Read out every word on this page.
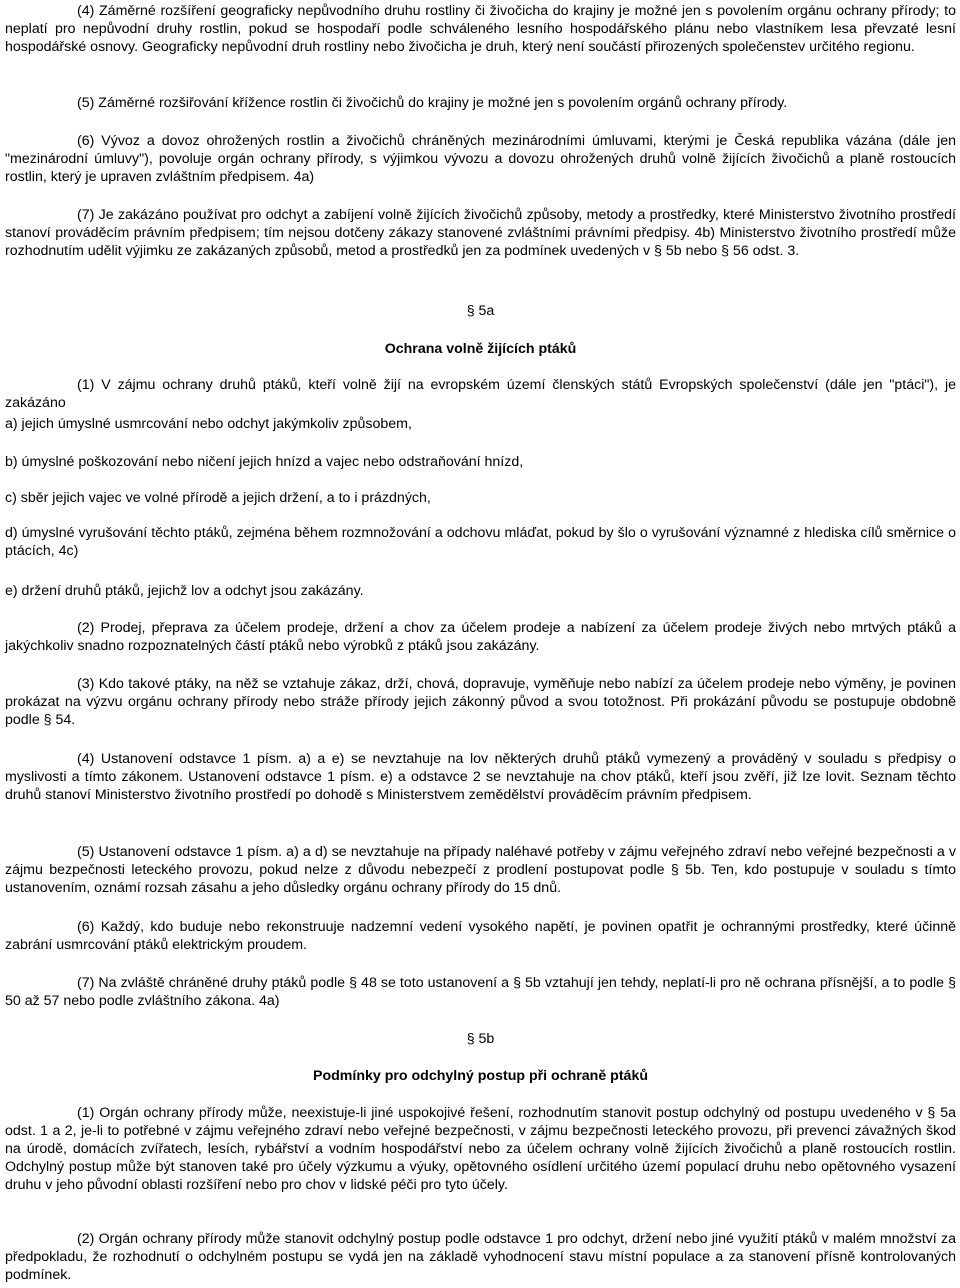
(4) Záměrné rozšíření geograficky nepůvodního druhu rostliny či živočicha do krajiny je možné jen s povolením orgánu ochrany přírody; to neplatí pro nepůvodní druhy rostlin, pokud se hospodaří podle schváleného lesního hospodářského plánu nebo vlastníkem lesa převzaté lesní hospodářské osnovy. Geograficky nepůvodní druh rostliny nebo živočicha je druh, který není součástí přirozených společenstev určitého regionu.

(5) Záměrné rozšiřování křížence rostlin či živočichů do krajiny je možné jen s povolením orgánů ochrany přírody.

(6) Vývoz a dovoz ohrožených rostlin a živočichů chráněných mezinárodními úmluvami, kterými je Česká republika vázána (dále jen "mezinárodní úmluvy"), povoluje orgán ochrany přírody, s výjimkou vývozu a dovozu ohrožených druhů volně žijících živočichů a planě rostoucích rostlin, který je upraven zvláštním předpisem. 4a)

(7) Je zakázáno používat pro odchyt a zabíjení volně žijících živočichů způsoby, metody a prostředky, které Ministerstvo životního prostředí stanoví prováděcím právním předpisem; tím nejsou dotčeny zákazy stanovené zvláštními právními předpisy. 4b) Ministerstvo životního prostředí může rozhodnutím udělit výjimku ze zakázaných způsobů, metod a prostředků jen za podmínek uvedených v § 5b nebo § 56 odst. 3.

§ 5a

Ochrana volně žijících ptáků

(1) V zájmu ochrany druhů ptáků, kteří volně žijí na evropském území členských států Evropských společenství (dále jen "ptáci"), je zakázáno

a) jejich úmyslné usmrcování nebo odchyt jakýmkoliv způsobem,

b) úmyslné poškozování nebo ničení jejich hnízd a vajec nebo odstraňování hnízd,

c) sběr jejich vajec ve volné přírodě a jejich držení, a to i prázdných,

d) úmyslné vyrušování těchto ptáků, zejména během rozmnožování a odchovu mláďat, pokud by šlo o vyrušování významné z hlediska cílů směrnice o ptácích, 4c)

e) držení druhů ptáků, jejichž lov a odchyt jsou zakázány.

(2) Prodej, přeprava za účelem prodeje, držení a chov za účelem prodeje a nabízení za účelem prodeje živých nebo mrtvých ptáků a jakýchkoliv snadno rozpoznatelných částí ptáků nebo výrobků z ptáků jsou zakázány.

(3) Kdo takové ptáky, na něž se vztahuje zákaz, drží, chová, dopravuje, vyměňuje nebo nabízí za účelem prodeje nebo výměny, je povinen prokázat na výzvu orgánu ochrany přírody nebo stráže přírody jejich zákonný původ a svou totožnost. Při prokázání původu se postupuje obdobně podle § 54.

(4) Ustanovení odstavce 1 písm. a) a e) se nevztahuje na lov některých druhů ptáků vymezený a prováděný v souladu s předpisy o myslivosti a tímto zákonem. Ustanovení odstavce 1 písm. e) a odstavce 2 se nevztahuje na chov ptáků, kteří jsou zvěří, již lze lovit. Seznam těchto druhů stanoví Ministerstvo životního prostředí po dohodě s Ministerstvem zemědělství prováděcím právním předpisem.

(5) Ustanovení odstavce 1 písm. a) a d) se nevztahuje na případy naléhavé potřeby v zájmu veřejného zdraví nebo veřejné bezpečnosti a v zájmu bezpečnosti leteckého provozu, pokud nelze z důvodu nebezpečí z prodlení postupovat podle § 5b. Ten, kdo postupuje v souladu s tímto ustanovením, oznámí rozsah zásahu a jeho důsledky orgánu ochrany přírody do 15 dnů.

(6) Každý, kdo buduje nebo rekonstruuje nadzemní vedení vysokého napětí, je povinen opatřit je ochrannými prostředky, které účinně zabrání usmrcování ptáků elektrickým proudem.

(7) Na zvláště chráněné druhy ptáků podle § 48 se toto ustanovení a § 5b vztahují jen tehdy, neplatí-li pro ně ochrana přísnější, a to podle § 50 až 57 nebo podle zvláštního zákona. 4a)

§ 5b

Podmínky pro odchylný postup při ochraně ptáků

(1) Orgán ochrany přírody může, neexistuje-li jiné uspokojivé řešení, rozhodnutím stanovit postup odchylný od postupu uvedeného v § 5a odst. 1 a 2, je-li to potřebné v zájmu veřejného zdraví nebo veřejné bezpečnosti, v zájmu bezpečnosti leteckého provozu, při prevenci závažných škod na úrodě, domácích zvířatech, lesích, rybářství a vodním hospodářství nebo za účelem ochrany volně žijících živočichů a planě rostoucích rostlin. Odchylný postup může být stanoven také pro účely výzkumu a výuky, opětovného osídlení určitého území populací druhu nebo opětovného vysazení druhu v jeho původní oblasti rozšíření nebo pro chov v lidské péči pro tyto účely.

(2) Orgán ochrany přírody může stanovit odchylný postup podle odstavce 1 pro odchyt, držení nebo jiné využití ptáků v malém množství za předpokladu, že rozhodnutí o odchylném postupu se vydá jen na základě vyhodnocení stavu místní populace a za stanovení přísně kontrolovaných podmínek.
